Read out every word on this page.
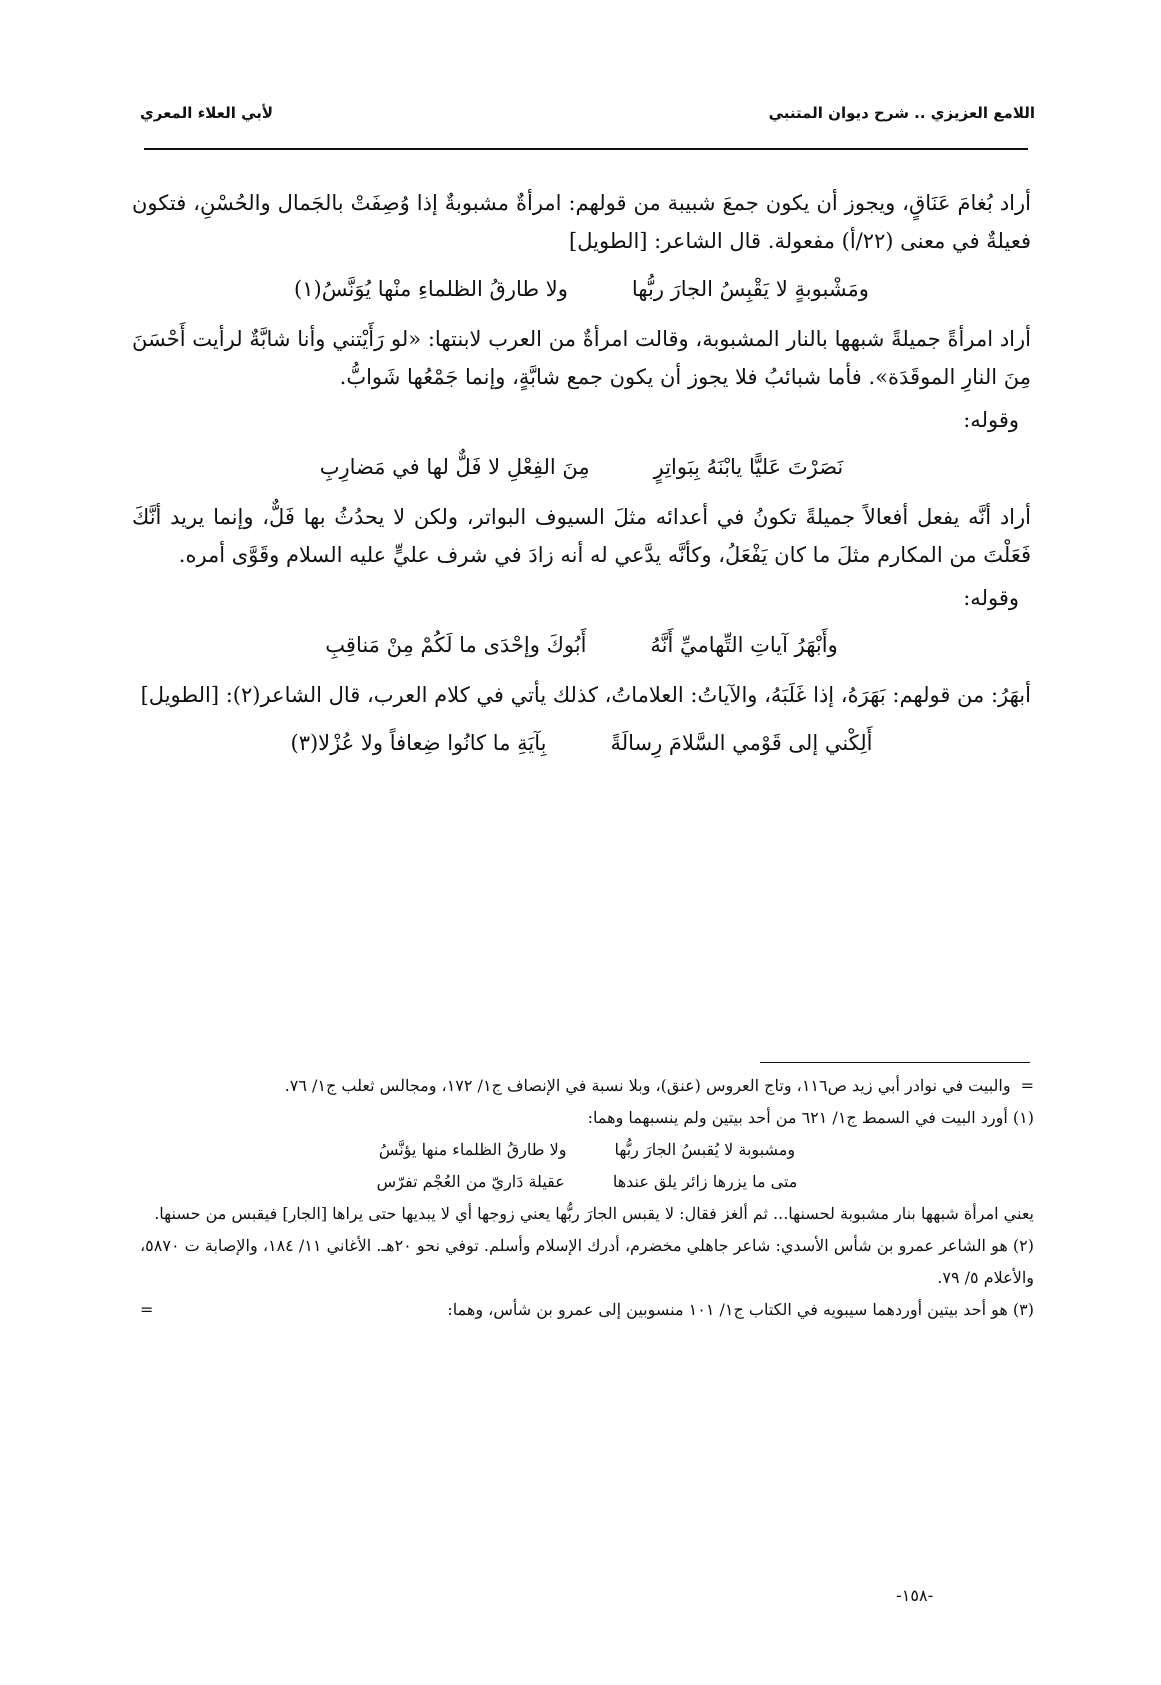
اللامع العزيزي .. شرح ديوان المتنبي
لأبي العلاء المعري

أراد بُغامَ عَنَاقٍ، ويجوز أن يكون جمعَ شبيبة من قولهم: امرأةٌ مشبوبةٌ إذا وُصِفَتْ بالجَمال والحُسْنِ، فتكون فعيلةٌ في معنى (٢٢/أ) مفعولة. قال الشاعر: [الطويل]

ومَشْبوبةٍ لا يَقْبِسُ الجارَ ربُّها
ولا طارقُ الظلماءِ منْها يُوَنَّسُ(١)

أراد امرأةً جميلةً شبهها بالنار المشبوبة، وقالت امرأةٌ من العرب لابنتها: «لو رَأَيْتني وأنا شابَّةٌ لرأيت أَحْسَنَ مِنَ النارِ الموقَدَة». فأما شبائبُ فلا يجوز أن يكون جمع شابَّةٍ، وإنما جَمْعُها شَوابُّ.

وقوله:

نَصَرْتَ عَليًّا يابْنَهُ بِبَواتِرٍ
مِنَ الفِعْلِ لا فَلٌّ لها في مَضارِبِ

أراد أنَّه يفعل أفعالاً جميلةً تكونُ في أعدائه مثلَ السيوف البواتر، ولكن لا يحدُثُ بها فَلٌّ، وإنما يريد أنَّكَ فَعَلْتَ من المكارم مثلَ ما كان يَفْعَلُ، وكأنَّه يدَّعي له أنه زادَ في شرف عليٍّ عليه السلام وقَوَّى أمره.

وقوله:

وأَبْهَرُ آياتِ التِّهاميِّ أَنَّهُ
أَبُوكَ وإحْدَى ما لَكُمْ مِنْ مَناقِبِ

أبهَرُ: من قولهم: بَهَرَهُ، إذا غَلَبَهُ، والآياتُ: العلاماتُ، كذلك يأتي في كلام العرب، قال الشاعر(٢): [الطويل]

أَلِكْني إلى قَوْمي السَّلامَ رِسالَةً
بِآيَةِ ما كانُوا ضِعافاً ولا عُزْلا(٣)

=والبيت في نوادر أبي زيد ص١١٦، وتاج العروس (عنق)، وبلا نسبة في الإنصاف ج١/ ١٧٢، ومجالس ثعلب ج١/ ٧٦.

(١) أورد البيت في السمط ج١/ ٦٢١ من أحد بيتين ولم ينسبهما وهما:

ومشبوبة لا يُقبسُ الجارَ ربُّها
ولا طارقُ الظلماء منها يؤنَّسُ
متى ما يزرها زائر يلق عندها
عقيلة دَاريّ من العُجْم تفرّس

يعني امرأة شبهها بنار مشبوبة لحسنها... ثم ألغز فقال: لا يقبس الجارَ ربُّها يعني زوجها أي لا يبديها حتى يراها [الجار] فيقبس من حسنها.

(٢) هو الشاعر عمرو بن شأس الأسدي: شاعر جاهلي مخضرم، أدرك الإسلام وأسلم. توفي نحو ٢٠هـ. الأغاني ١١/ ١٨٤، والإصابة ت ٥٨٧٠، والأعلام ٥/ ٧٩.

(٣) هو أحد بيتين أوردهما سيبويه في الكتاب ج١/ ١٠١ منسوبين إلى عمرو بن شأس، وهما:
=
-١٥٨-
